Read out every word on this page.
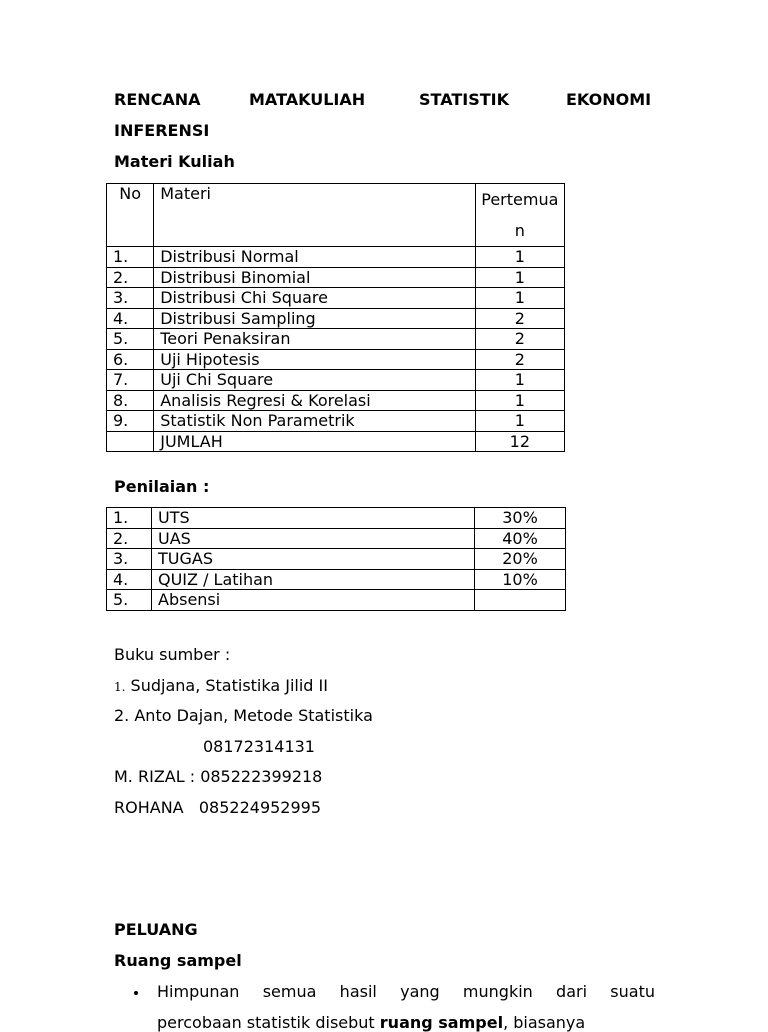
RENCANA	MATAKULIAH	STATISTIK	EKONOMI
INFERENSI
Materi Kuliah
No	Materi	Pertemua
n
1.	Distribusi Normal	1
2.	Distribusi Binomial	1
3.	Distribusi Chi Square	1
4.	Distribusi Sampling	2
5.	Teori Penaksiran	2
6.	Uji Hipotesis	2
7.	Uji Chi Square	1
8.	Analisis Regresi & Korelasi	1
9.	Statistik Non Parametrik	1
	JUMLAH	12
Penilaian :
1.	UTS	30%
2.	UAS	40%
3.	TUGAS	20%
4.	QUIZ / Latihan	10%
5.	Absensi	
Buku sumber :
1. Sudjana, Statistika Jilid II
2. Anto Dajan, Metode Statistika
08172314131
M. RIZAL : 085222399218
ROHANA   085224952995
PELUANG
Ruang sampel
Himpunan semua hasil yang mungkin dari suatu
percobaan statistik disebut ruang sampel, biasanya
